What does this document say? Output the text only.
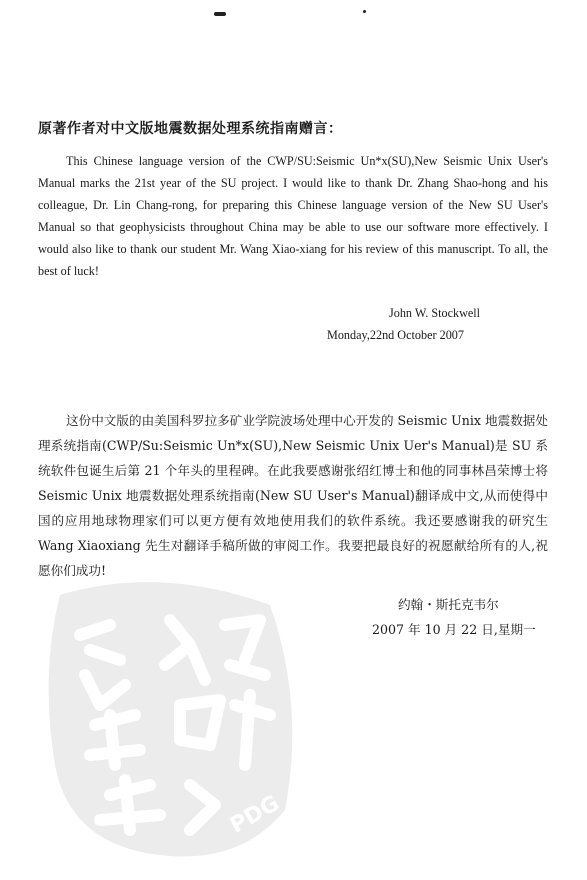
PDG
原著作者对中文版地震数据处理系统指南赠言：

This Chinese language version of the CWP/SU:Seismic Un*x(SU),New Seismic Unix User's Manual marks the 21st year of the SU project. I would like to thank Dr. Zhang Shao-hong and his colleague, Dr. Lin Chang-rong, for preparing this Chinese language version of the New SU User's Manual so that geophysicists throughout China may be able to use our software more effectively. I would also like to thank our student Mr. Wang Xiao-xiang for his review of this manuscript. To all, the best of luck!

John W. Stockwell
Monday,22nd October 2007

这份中文版的由美国科罗拉多矿业学院波场处理中心开发的 Seismic Unix 地震数据处理系统指南(CWP/Su:Seismic Un*x(SU),New Seismic Unix Uer's Manual)是 SU 系统软件包诞生后第 21 个年头的里程碑。在此我要感谢张绍红博士和他的同事林昌荣博士将 Seismic Unix 地震数据处理系统指南(New SU User's Manual)翻译成中文,从而使得中国的应用地球物理家们可以更方便有效地使用我们的软件系统。我还要感谢我的研究生 Wang Xiaoxiang 先生对翻译手稿所做的审阅工作。我要把最良好的祝愿献给所有的人,祝愿你们成功!

约翰・斯托克韦尔
2007 年 10 月 22 日,星期一
